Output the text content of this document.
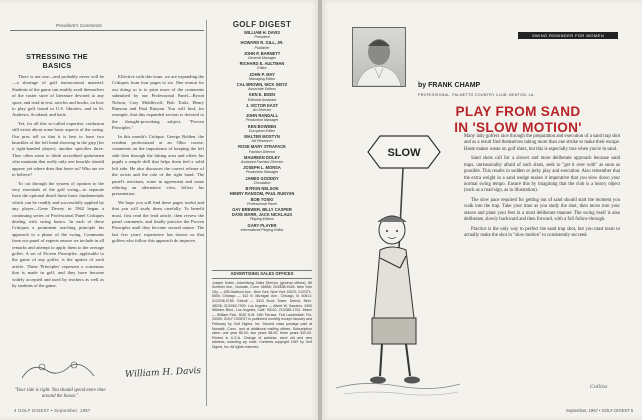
President's Comments
STRESSING THE BASICS

There is not one—and probably never will be—a shortage of golf instructional material. Students of the game can readily avail themselves of the vaster store of literature devoted to any sport; and read in text, articles and books, on how to play golf found in U.S. libraries, and in St. Andrews, Scotland, and back.

Yet, for all this so-called expertise, confusion still exists about some basic aspects of the swing. Our pros tell us that it is best to have two knuckles of the left hand showing in the grip (for a right-handed player), another specifies three. They often seem to think accredited spokesmen who maintain that really only one knuckle should appear; yet where does that leave us? Who are we to believe?

To cut through the system of opinion to the very essentials of the golf swing—to separate from the optional detail those basic fundamentals which can be readily and successfully applied by any player—Gene Dewey in 1962 began a continuing series of Professional Panel Critiques dealing with swing basics. In each of these Critiques a prominent teaching principle his approach to a phase of the swing. Comments from our panel of experts ensure we include in all remarks and attempt to apply them to the average golfer. A set of Proven Principles, applicable to the game of any golfer, is the upshot of each article. These 'Principles' represent a consensus that is made in golf, and they have become widely accepted and used by teachers as well as by students of the game.

Effective with this issue, we are expanding the Critiques from four pages to six. One reason for our doing so is to print more of the comments submitted by our Professional Panel—Byron Nelson, Cary Middlecoff, Bob Toski, Henry Ransom and Paul Runyan. You will find, for example, that this expanded section is devoted to the thought-provoking subject, "Proven Principles."

In this month's Critique, George Bolden, the resident professional at an Ohio course, comments on the importance of keeping the left side firm through the hitting area and offers his pupils a simple drill that helps them feel a solid left side. He also discusses the correct release of the wrists and the role of the right hand. The panel's reactions, some in agreement and some offering an alternative view, follow his presentation.

We hope you will find these pages useful and that you will study them carefully. To benefit most, first read the lead article, then review the panel comments, and finally practice the Proven Principles until they become second nature. The last few years' experience has shown us that golfers who follow this approach do improve.

"Your side is right. You should spend more time around the house."
William H. Davis
GOLF DIGEST
WILLIAM H. DAVIS
President
HOWARD R. GILL, JR.
Publisher
JOHN P. BARNETT
General Manager
RICHARD E. AULTMAN
Editor
JOHN P. MAY
Managing Editor
CAL BROWN, NICK SEITZ
Associate Editors
KEN E. EDEN
Editorial Assistant
J. VICTOR EAST
Art Director
JOHN RANDALL
Production Manager
KEN BOWDEN
European Editor
WALTER MOSTYN
Art Research
ROSE MARY STRAFACE
Fashion Director
MAUREEN DOLEY
Assistant Fashion Director
JOSEPH L. MORSA
Production Manager
JAMES GOODDY
Circulation
BYRON NELSON
HENRY RANSOM, PAUL RUNYAN
BOB TOSKI
Professional Panel
GAY BREWER, BILLY CASPER
DAVE MARR, JACK NICKLAUS
Playing Editors
GARY PLAYER
International Playing Editor
ADVERTISING SALES OFFICES
Joseph Noble, Advertising Sales Director (general offices), 88 Scribner Ave., Norwalk, Conn. 06856; 203/838-9326. New York City — 635 Madison Ave., New York, New York 10022; 212/371-6500. Chicago — 612 N. Michigan Ave., Chicago, Ill. 60611; 312/236-0765. Detroit — 3310 Book Tower, Detroit, Mich. 48226; 313/962-7900. Los Angeles — Albert W. Sanders, 3460 Wilshire Blvd., Los Angeles, Calif. 90010; 213/386-1761. Miami — William Fish, 3030 N.W. 19th Terrace, Fort Lauderdale, Fla. 33309. GOLF DIGEST is published monthly except January and February by Golf Digest, Inc. Second class postage paid at Norwalk, Conn., and at additional mailing offices. Subscription rates: one year $5.00; two years $8.00; three years $10.00. Printed in U.S.A. Change of address: send old and new address, including zip code. Contents copyright 1967 by Golf Digest, Inc. All rights reserved.
4 GOLF DIGEST • September, 1967
SWING REMINDER FOR WOMEN
by FRANK CHAMP
PROFESSIONAL, PALMETTO COUNTRY CLUB, BENTON, LA.
PLAY FROM SAND
IN 'SLOW MOTION'
SLOW

Many lady golfers race through the preparation and execution of a sand trap shot and as a result find themselves taking more than one stroke to make their escape. Haste makes waste on golf shots, but this is especially true when you're in sand.

Sand shots call for a slower and more deliberate approach because sand traps, unreasonably afraid of such shots, seek to "get it over with" as soon as possible. This results in sudden or jerky play and execution. Also remember that the extra weight in a sand wedge makes it imperative that you slow down your normal swing tempo. Ensure this by imagining that the club is a heavy object (such as a road sign, as in illustration).

The slow pace required for getting out of sand should start the moment you walk into the trap. Take your time as you study the shot, then move into your stance and plant your feet in a most deliberate manner. The swing itself is also deliberate, slowly backward and then forward, with a full follow-through.

Practice is the only way to perfect the sand trap shot, but you must learn to actually make the shot in "slow motion" to consistently succeed.

Collins
September, 1967 • GOLF DIGEST 5
